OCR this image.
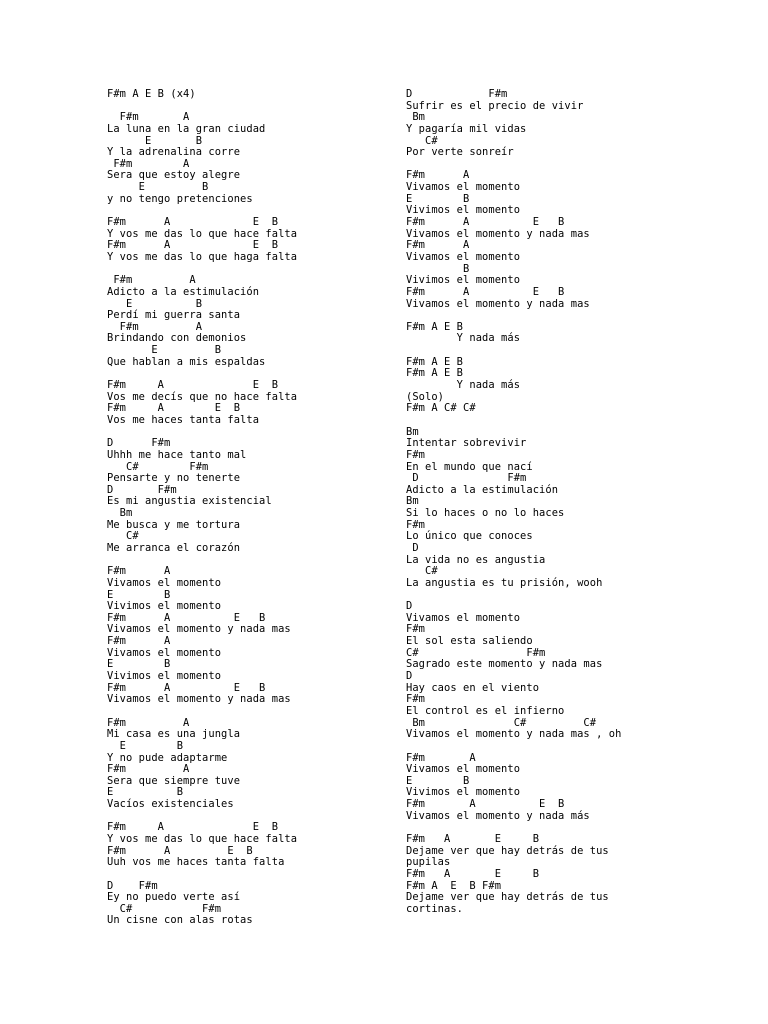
F#m A E B (x4)
F#m       A
La luna en la gran ciudad
E       B
Y la adrenalina corre
F#m        A
Sera que estoy alegre
E         B
y no tengo pretenciones
F#m      A             E  B
Y vos me das lo que hace falta
F#m      A             E  B
Y vos me das lo que haga falta
F#m         A
Adicto a la estimulación
E          B
Perdí mi guerra santa
F#m         A
Brindando con demonios
E         B
Que hablan a mis espaldas
F#m     A              E  B
Vos me decís que no hace falta
F#m     A        E  B
Vos me haces tanta falta
D      F#m
Uhhh me hace tanto mal
C#        F#m
Pensarte y no tenerte
D       F#m
Es mi angustia existencial
Bm
Me busca y me tortura
C#
Me arranca el corazón
F#m      A
Vivamos el momento
E        B
Vivimos el momento
F#m      A          E   B
Vivamos el momento y nada mas
F#m      A
Vivamos el momento
E        B
Vivimos el momento
F#m      A          E   B
Vivamos el momento y nada mas
F#m         A
Mi casa es una jungla
E        B
Y no pude adaptarme
F#m         A
Sera que siempre tuve
E          B
Vacíos existenciales
F#m     A              E  B
Y vos me das lo que hace falta
F#m      A         E  B
Uuh vos me haces tanta falta
D    F#m
Ey no puedo verte así
C#           F#m
Un cisne con alas rotas
D            F#m
Sufrir es el precio de vivir
Bm
Y pagaría mil vidas
C#
Por verte sonreír
F#m      A
Vivamos el momento
E        B
Vivimos el momento
F#m      A          E   B
Vivamos el momento y nada mas
F#m      A
Vivamos el momento
B
Vivimos el momento
F#m      A          E   B
Vivamos el momento y nada mas
F#m A E B
Y nada más
F#m A E B
F#m A E B
Y nada más
(Solo)
F#m A C# C#
Bm
Intentar sobrevivir
F#m
En el mundo que nací
D              F#m
Adicto a la estimulación
Bm
Si lo haces o no lo haces
F#m
Lo único que conoces
D
La vida no es angustia
C#
La angustia es tu prisión, wooh
D
Vivamos el momento
F#m
El sol esta saliendo
C#                 F#m
Sagrado este momento y nada mas
D
Hay caos en el viento
F#m
El control es el infierno
Bm              C#         C#
Vivamos el momento y nada mas , oh
F#m       A
Vivamos el momento
E        B
Vivimos el momento
F#m       A          E  B
Vivamos el momento y nada más
F#m   A       E     B
Dejame ver que hay detrás de tus
pupilas
F#m   A       E     B
F#m A  E  B F#m
Dejame ver que hay detrás de tus
cortinas.
